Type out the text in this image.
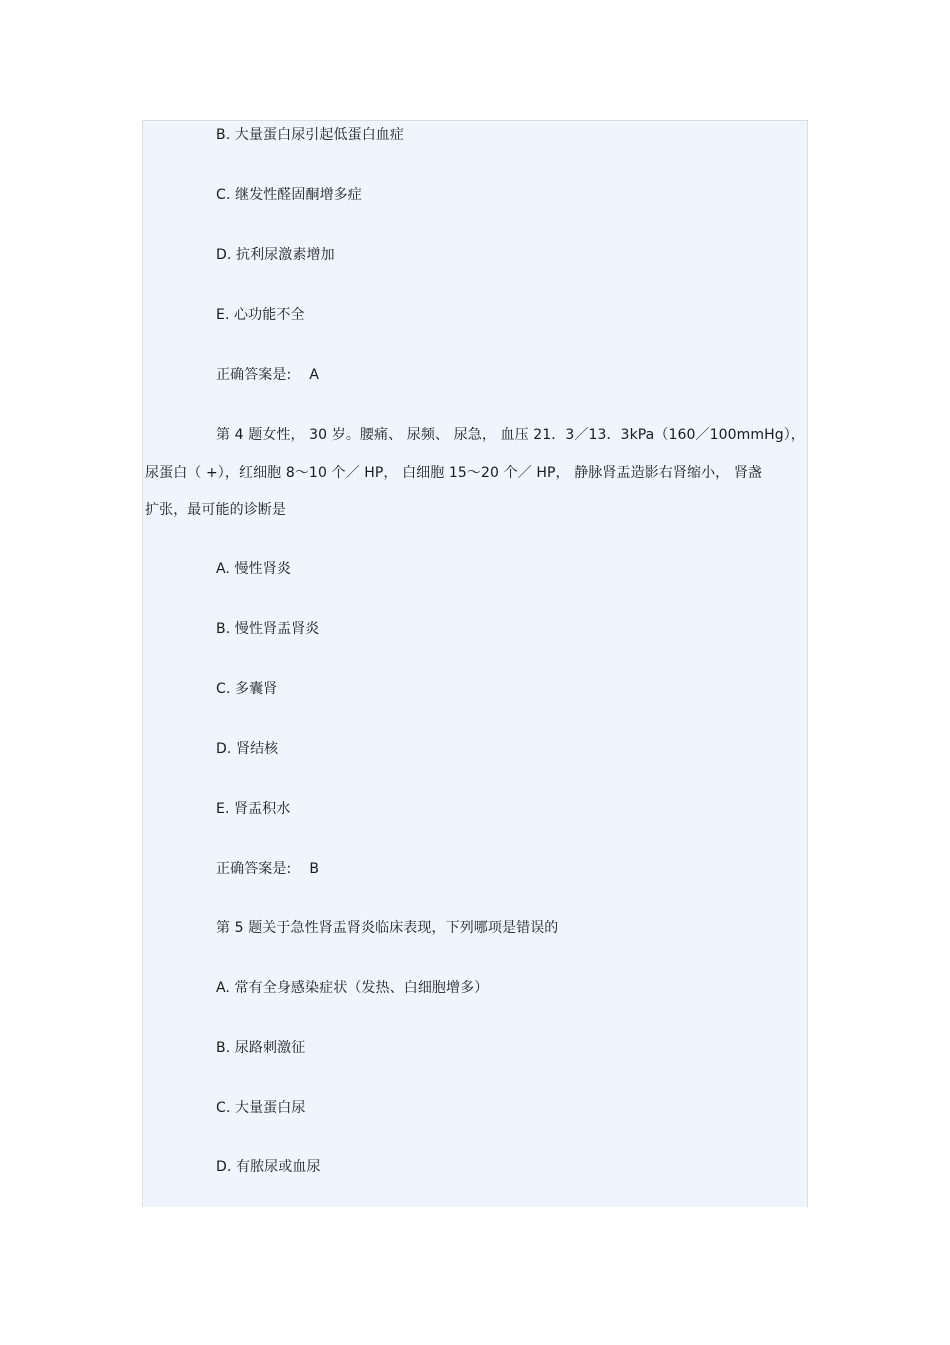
B. 大量蛋白尿引起低蛋白血症
C. 继发性醛固酮增多症
D. 抗利尿激素增加
E. 心功能不全
正确答案是: A
第 4 题女性， 30 岁。腰痛、 尿频、 尿急， 血压 21．3／13．3kPa（160／100mmHg），
尿蛋白（ +），红细胞 8～10 个／ HP， 白细胞 15～20 个／ HP， 静脉肾盂造影右肾缩小， 肾盏
扩张，最可能的诊断是
A. 慢性肾炎
B. 慢性肾盂肾炎
C. 多囊肾
D. 肾结核
E. 肾盂积水
正确答案是: B
第 5 题关于急性肾盂肾炎临床表现，下列哪项是错误的
A. 常有全身感染症状（发热、白细胞增多）
B. 尿路刺激征
C. 大量蛋白尿
D. 有脓尿或血尿
